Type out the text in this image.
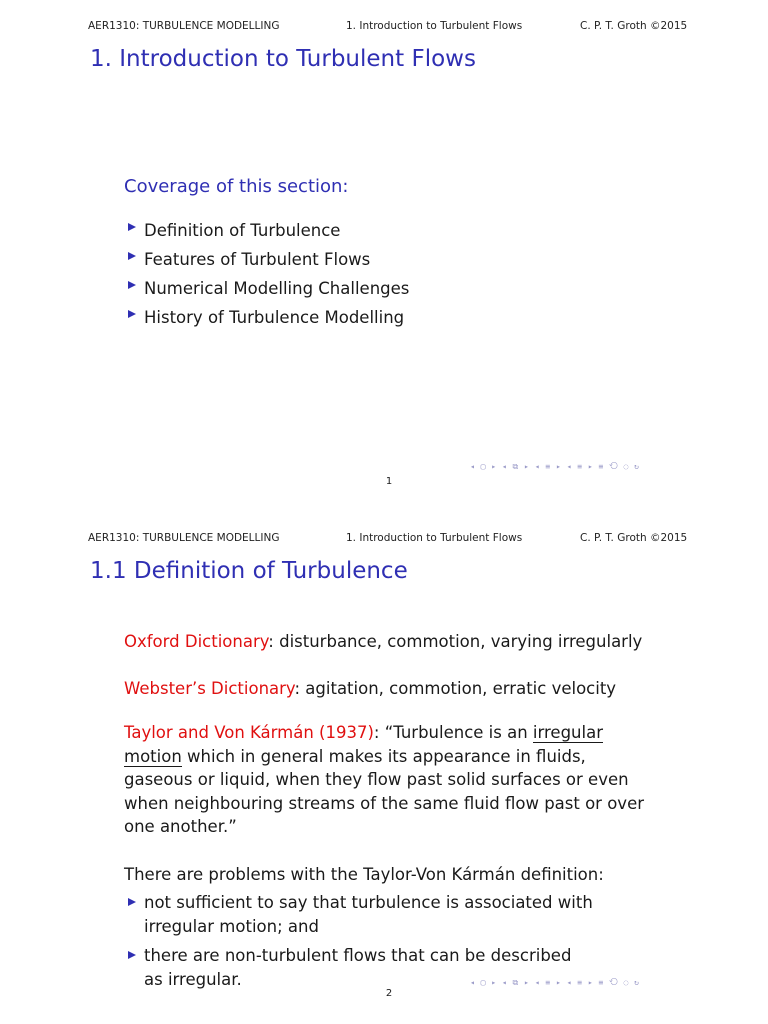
AER1310: TURBULENCE MODELLING	1. Introduction to Turbulent Flows	C. P. T. Groth ©2015
1. Introduction to Turbulent Flows
Coverage of this section:
Definition of Turbulence
Features of Turbulent Flows
Numerical Modelling Challenges
History of Turbulence Modelling
◂ ▢ ▸ ◂ ⧉ ▸ ◂ ≡ ▸ ◂ ≡ ▸ ≡ ⟲ ◌ ↻
1
AER1310: TURBULENCE MODELLING	1. Introduction to Turbulent Flows	C. P. T. Groth ©2015
1.1 Definition of Turbulence

Oxford Dictionary: disturbance, commotion, varying irregularly

Webster’s Dictionary: agitation, commotion, erratic velocity

Taylor and Von Kármán (1937): “Turbulence is an irregular motion which in general makes its appearance in fluids, gaseous or liquid, when they flow past solid surfaces or even when neighbouring streams of the same fluid flow past or over one another.”

There are problems with the Taylor-Von Kármán definition:

not sufficient to say that turbulence is associated with irregular motion; and
there are non-turbulent flows that can be described as irregular.	◂ ▢ ▸ ◂ ⧉ ▸ ◂ ≡ ▸ ◂ ≡ ▸ ≡ ⟲ ◌ ↻
2
